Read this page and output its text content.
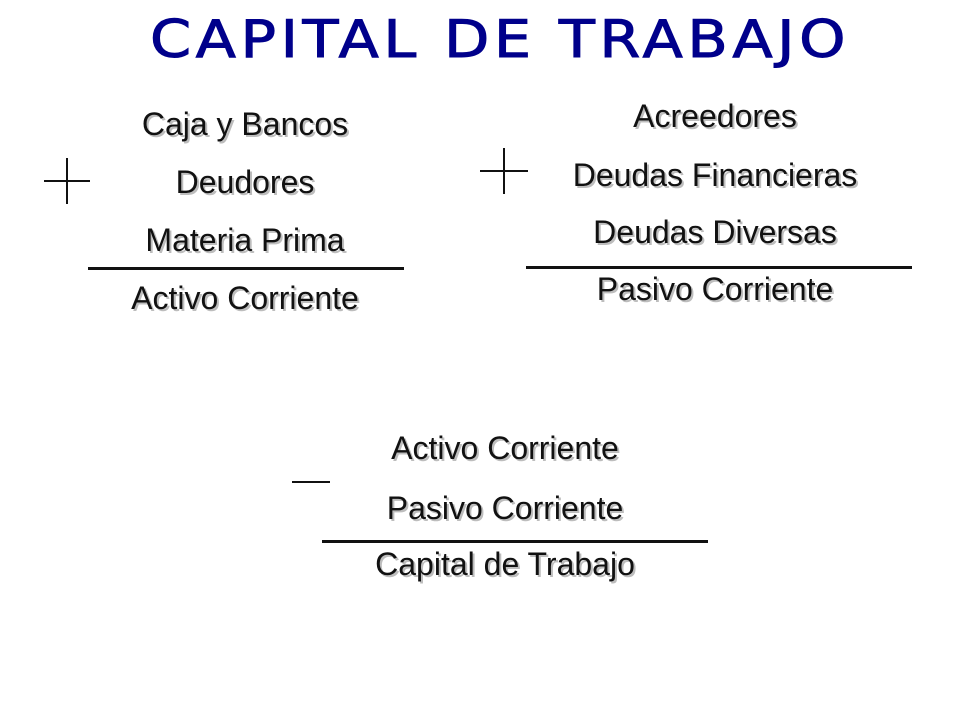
CAPITAL DE TRABAJO
Caja y Bancos
Deudores
Materia Prima
Activo Corriente
Acreedores
Deudas Financieras
Deudas Diversas
Pasivo Corriente
Activo Corriente
Pasivo Corriente
Capital de Trabajo
